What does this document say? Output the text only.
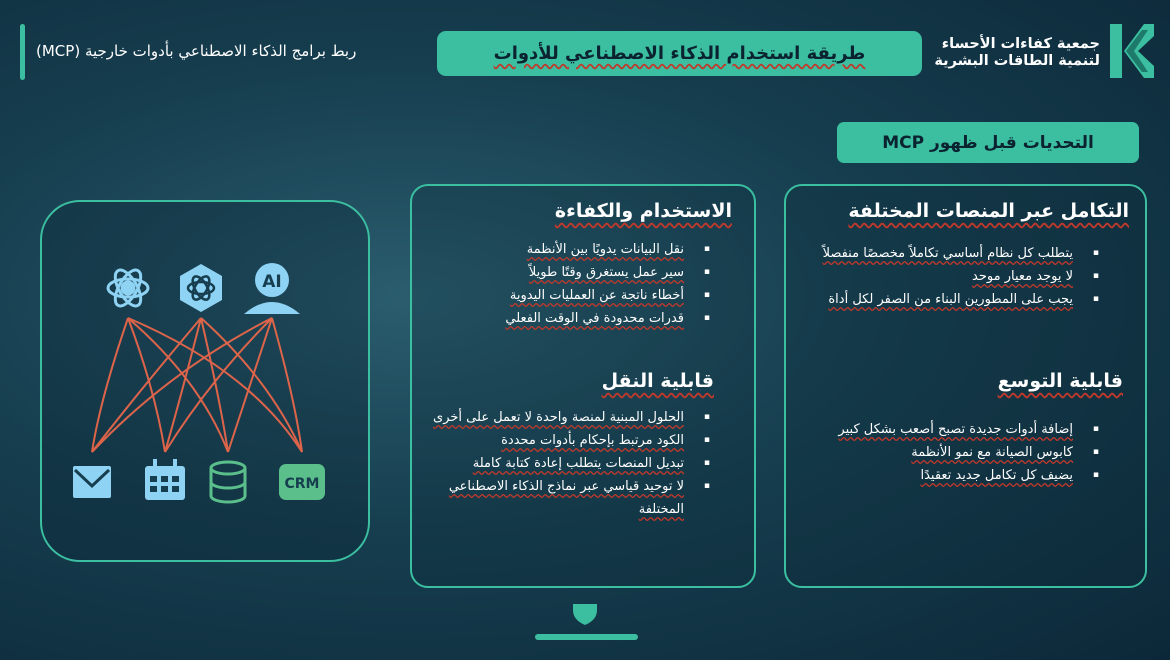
جمعية كفاءات الأحساء
لتنمية الطاقات البشرية
طريقة استخدام الذكاء الاصطناعي للأدوات
ربط برامج الذكاء الاصطناعي بأدوات خارجية (MCP)
التحديات قبل ظهور MCP
AI
CRM
الاستخدام والكفاءة
▪ نقل البيانات يدويًا بين الأنظمة
▪ سير عمل يستغرق وقتًا طويلاً
▪ أخطاء ناتجة عن العمليات اليدوية
▪ قدرات محدودة في الوقت الفعلي
قابلية النقل
▪ الحلول المبنية لمنصة واحدة لا تعمل على أخرى
▪ الكود مرتبط بإحكام بأدوات محددة
▪ تبديل المنصات يتطلب إعادة كتابة كاملة
▪ لا توحيد قياسي عبر نماذج الذكاء الاصطناعي المختلفة
التكامل عبر المنصات المختلفة
▪ يتطلب كل نظام أساسي تكاملاً مخصصًا منفصلاً
▪ لا يوجد معيار موحد
▪ يجب على المطورين البناء من الصفر لكل أداة
قابلية التوسع
▪ إضافة أدوات جديدة تصبح أصعب بشكل كبير
▪ كابوس الصيانة مع نمو الأنظمة
▪ يضيف كل تكامل جديد تعقيدًا
